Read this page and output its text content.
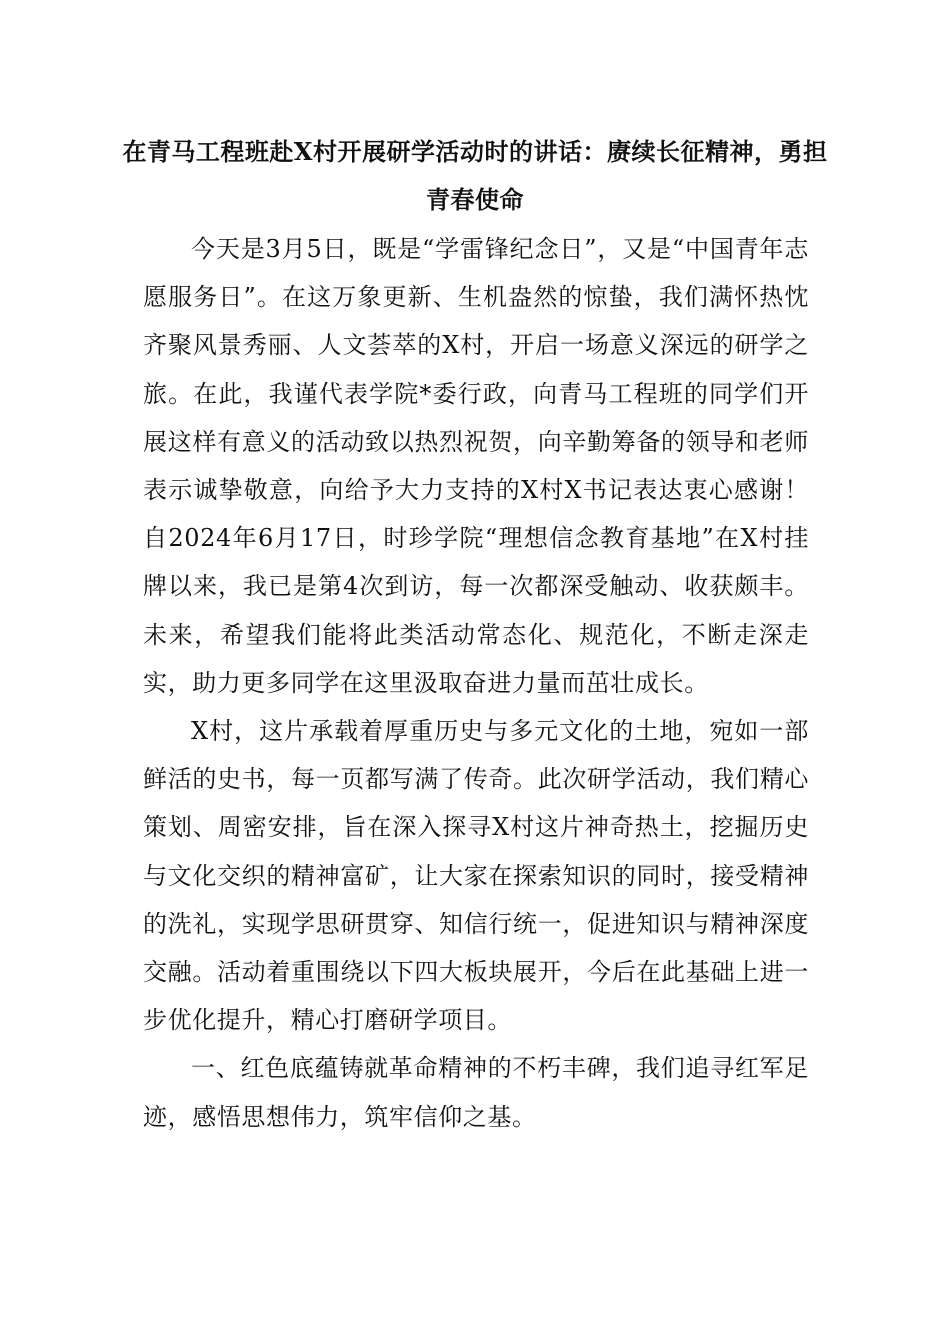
在青马工程班赴X村开展研学活动时的讲话：赓续长征精神，勇担青春使命

今天是3月5日，既是“学雷锋纪念日”，又是“中国青年志愿服务日”。在这万象更新、生机盎然的惊蛰，我们满怀热忱齐聚风景秀丽、人文荟萃的X村，开启一场意义深远的研学之旅。在此，我谨代表学院*委行政，向青马工程班的同学们开展这样有意义的活动致以热烈祝贺，向辛勤筹备的领导和老师表示诚挚敬意，向给予大力支持的X村X书记表达衷心感谢！自2024年6月17日，时珍学院“理想信念教育基地”在X村挂牌以来，我已是第4次到访，每一次都深受触动、收获颇丰。未来，希望我们能将此类活动常态化、规范化，不断走深走实，助力更多同学在这里汲取奋进力量而茁壮成长。

X村，这片承载着厚重历史与多元文化的土地，宛如一部鲜活的史书，每一页都写满了传奇。此次研学活动，我们精心策划、周密安排，旨在深入探寻X村这片神奇热土，挖掘历史与文化交织的精神富矿，让大家在探索知识的同时，接受精神的洗礼，实现学思研贯穿、知信行统一，促进知识与精神深度交融。活动着重围绕以下四大板块展开，今后在此基础上进一步优化提升，精心打磨研学项目。

一、红色底蕴铸就革命精神的不朽丰碑，我们追寻红军足迹，感悟思想伟力，筑牢信仰之基。
